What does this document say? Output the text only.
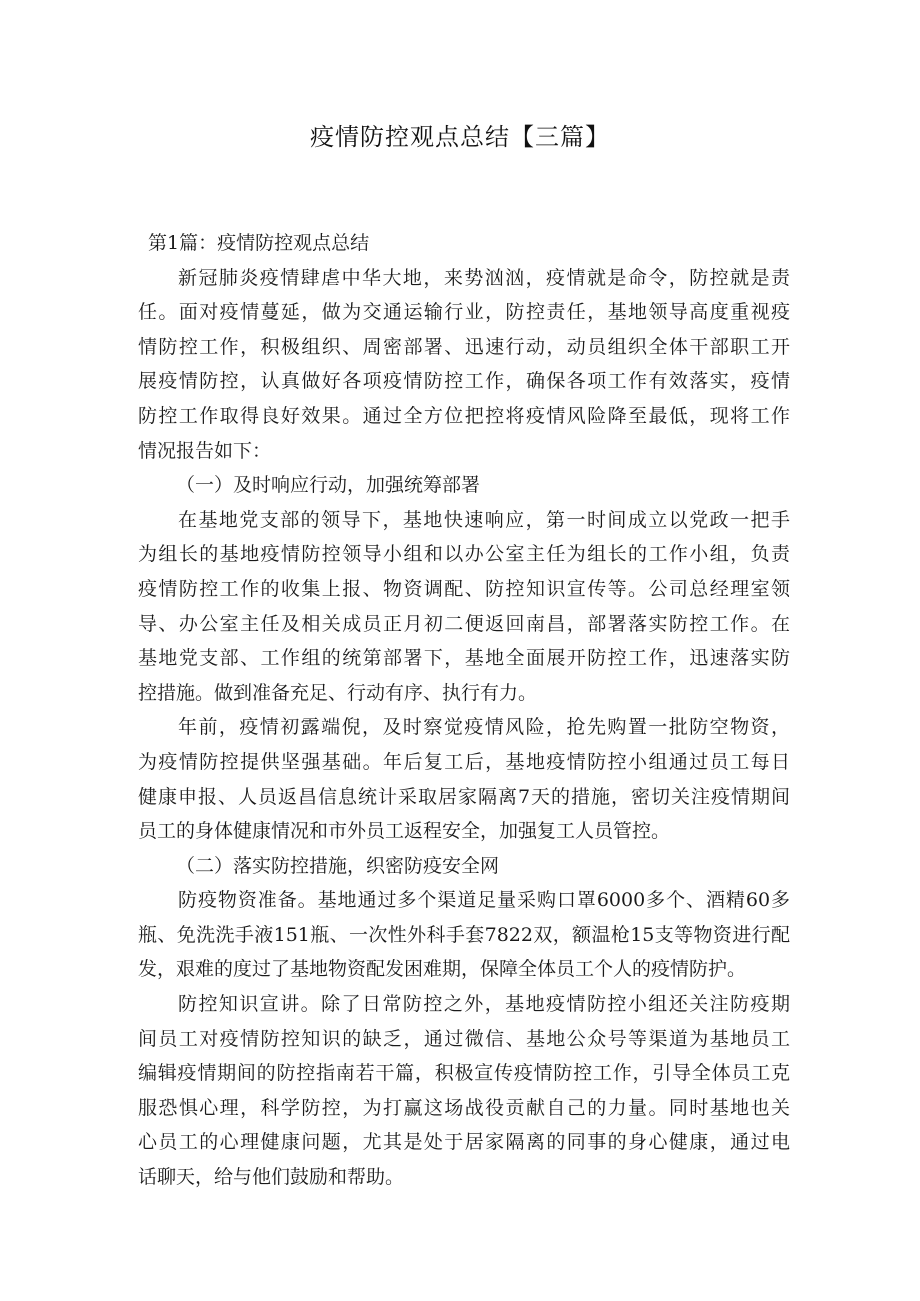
疫情防控观点总结【三篇】
第1篇：疫情防控观点总结
新冠肺炎疫情肆虐中华大地，来势汹汹，疫情就是命令，防控就是责
任。面对疫情蔓延，做为交通运输行业，防控责任，基地领导高度重视疫
情防控工作，积极组织、周密部署、迅速行动，动员组织全体干部职工开
展疫情防控，认真做好各项疫情防控工作，确保各项工作有效落实，疫情
防控工作取得良好效果。通过全方位把控将疫情风险降至最低，现将工作
情况报告如下：
（一）及时响应行动，加强统筹部署
在基地党支部的领导下，基地快速响应，第一时间成立以党政一把手
为组长的基地疫情防控领导小组和以办公室主任为组长的工作小组，负责
疫情防控工作的收集上报、物资调配、防控知识宣传等。公司总经理室领
导、办公室主任及相关成员正月初二便返回南昌，部署落实防控工作。在
基地党支部、工作组的统第部署下，基地全面展开防控工作，迅速落实防
控措施。做到准备充足、行动有序、执行有力。
年前，疫情初露端倪，及时察觉疫情风险，抢先购置一批防空物资，
为疫情防控提供坚强基础。年后复工后，基地疫情防控小组通过员工每日
健康申报、人员返昌信息统计采取居家隔离7天的措施，密切关注疫情期间
员工的身体健康情况和市外员工返程安全，加强复工人员管控。
（二）落实防控措施，织密防疫安全网
防疫物资准备。基地通过多个渠道足量采购口罩6000多个、酒精60多
瓶、免洗洗手液151瓶、一次性外科手套7822双，额温枪15支等物资进行配
发，艰难的度过了基地物资配发困难期，保障全体员工个人的疫情防护。
防控知识宣讲。除了日常防控之外，基地疫情防控小组还关注防疫期
间员工对疫情防控知识的缺乏，通过微信、基地公众号等渠道为基地员工
编辑疫情期间的防控指南若干篇，积极宣传疫情防控工作，引导全体员工克
服恐惧心理，科学防控，为打赢这场战役贡献自己的力量。同时基地也关
心员工的心理健康问题，尤其是处于居家隔离的同事的身心健康，通过电
话聊天，给与他们鼓励和帮助。
